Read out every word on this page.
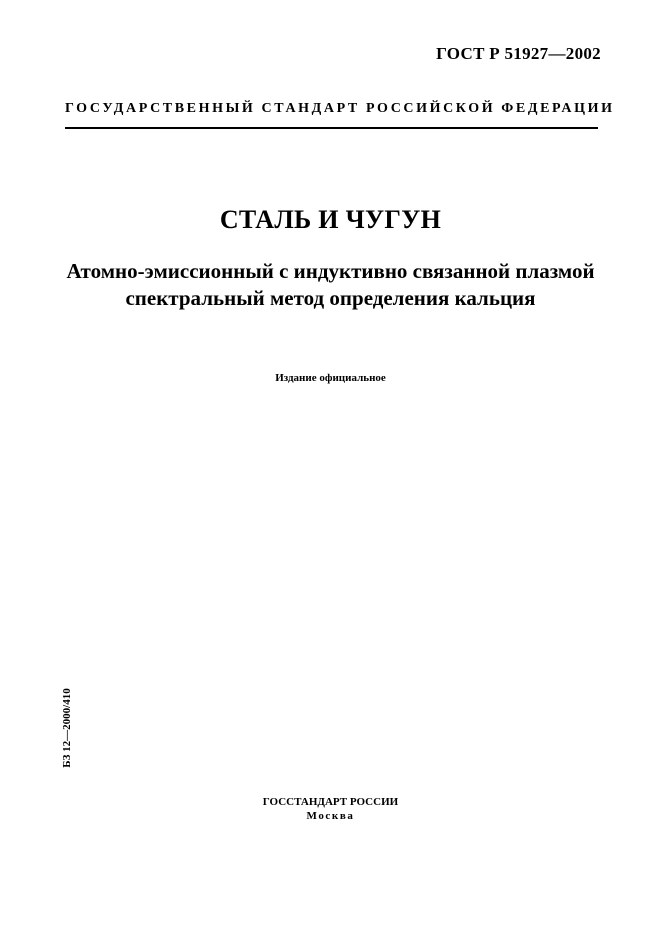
ГОСТ Р 51927—2002
ГОСУДАРСТВЕННЫЙ СТАНДАРТ РОССИЙСКОЙ ФЕДЕРАЦИИ
СТАЛЬ И ЧУГУН
Атомно-эмиссионный с индуктивно связанной плазмой
спектральный метод определения кальция
Издание официальное
БЗ 12—2000/410
ГОССТАНДАРТ РОССИИ
Москва
